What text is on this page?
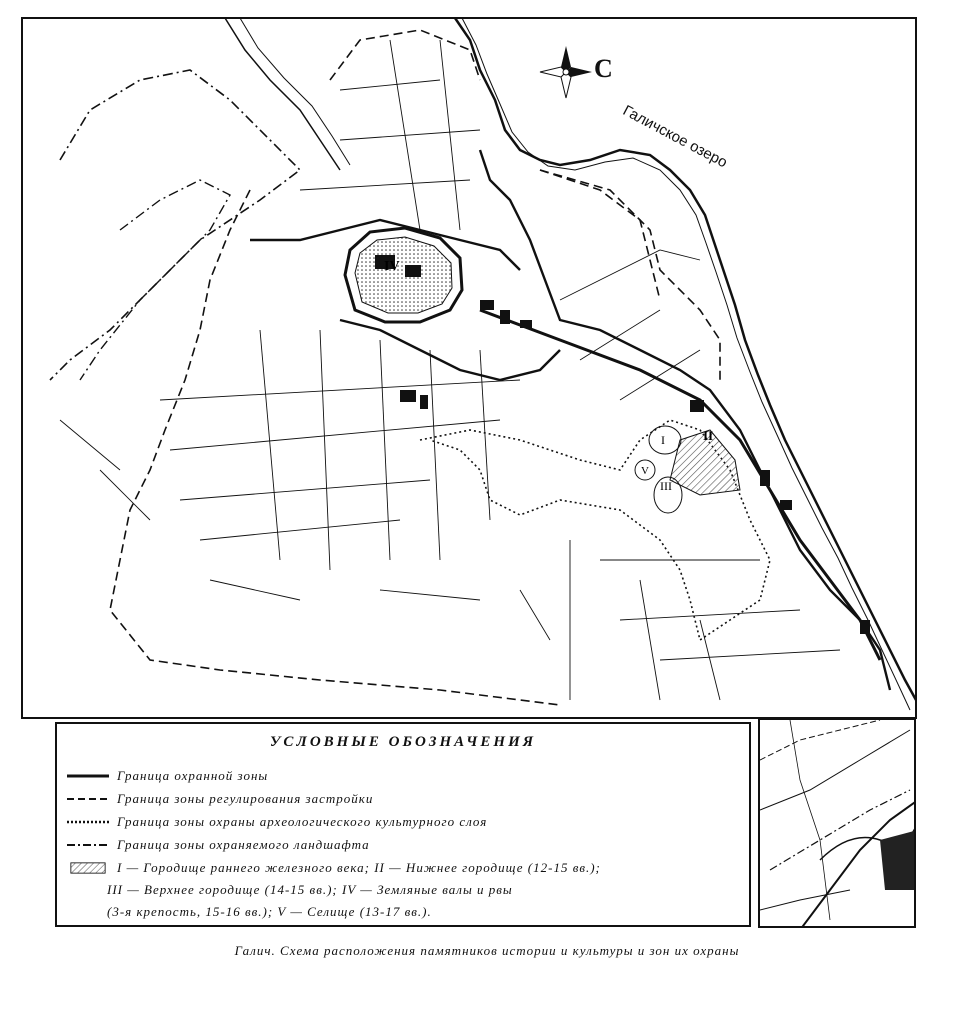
IV
II
I
V
III
С
Галичское озеро
УСЛОВНЫЕ ОБОЗНАЧЕНИЯ
Граница охранной зоны
Граница зоны регулирования застройки
Граница зоны охраны археологического культурного слоя
Граница зоны охраняемого ландшафта
I — Городище раннего железного века; II — Нижнее городище (12-15 вв.);
III — Верхнее городище (14-15 вв.); IV — Земляные валы и рвы
(3-я крепость, 15-16 вв.); V — Селище (13-17 вв.).
Галич. Схема расположения памятников истории и культуры и зон их охраны
